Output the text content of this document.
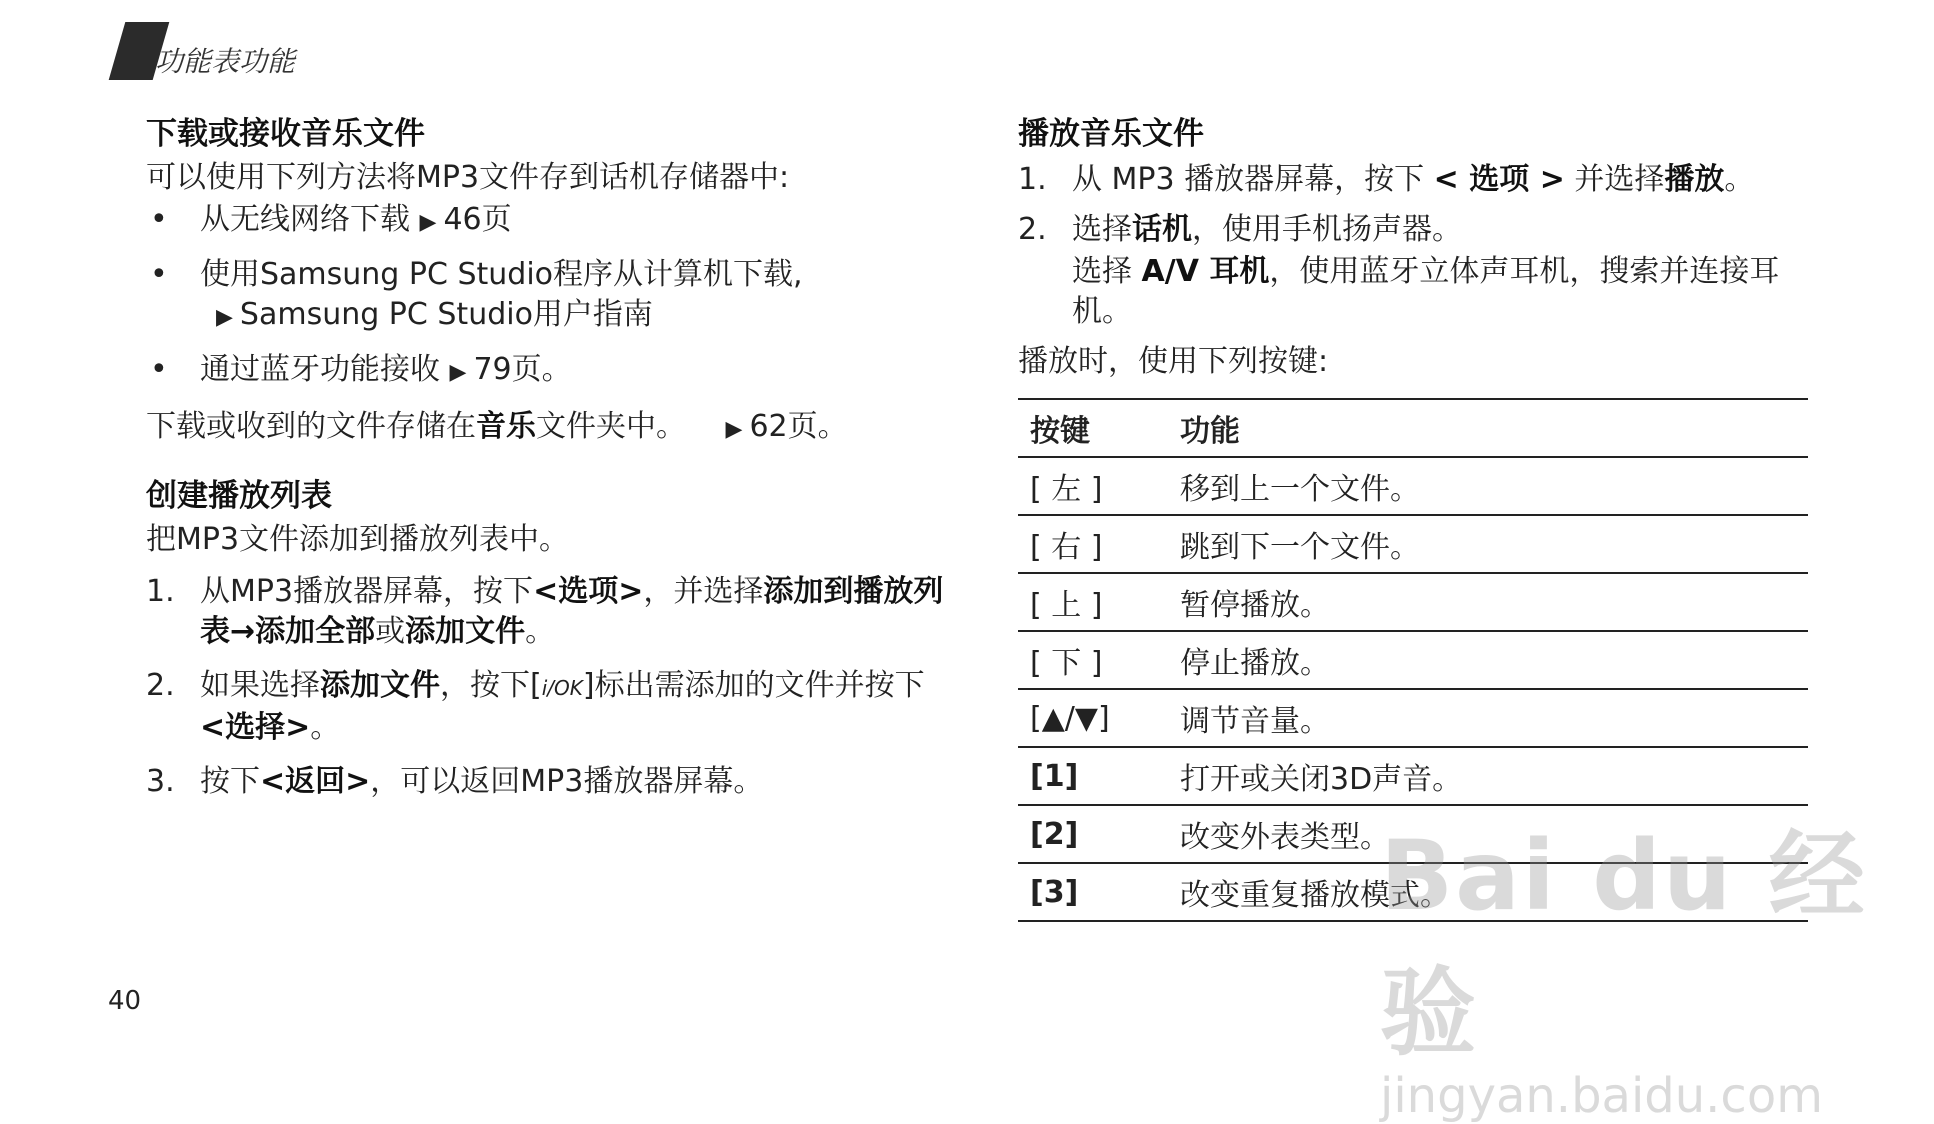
功能表功能
下载或接收音乐文件

可以使用下列方法将MP3文件存到话机存储器中:

• 从无线网络下载 ▶ 46页
• 使用Samsung PC Studio程序从计算机下载,
▶ Samsung PC Studio用户指南
• 通过蓝牙功能接收 ▶ 79页。

下载或收到的文件存储在音乐文件夹中。 ▶ 62页。

创建播放列表

把MP3文件添加到播放列表中。

1. 从MP3播放器屏幕，按下<选项>，并选择添加到播放列表→添加全部或添加文件。
2. 如果选择添加文件，按下[i/OK]标出需添加的文件并按下<选择>。
3. 按下<返回>，可以返回MP3播放器屏幕。
播放音乐文件
1. 从 MP3 播放器屏幕，按下 < 选项 > 并选择播放。
2. 选择话机，使用手机扬声器。
选择 A/V 耳机，使用蓝牙立体声耳机，搜索并连接耳机。

播放时，使用下列按键:

按键	功能
[ 左 ]	移到上一个文件。
[ 右 ]	跳到下一个文件。
[ 上 ]	暂停播放。
[ 下 ]	停止播放。
[▲/▼]	调节音量。
[1]	打开或关闭3D声音。
[2]	改变外表类型。
[3]	改变重复播放模式。
40
Bai du 经验
jingyan.baidu.com
